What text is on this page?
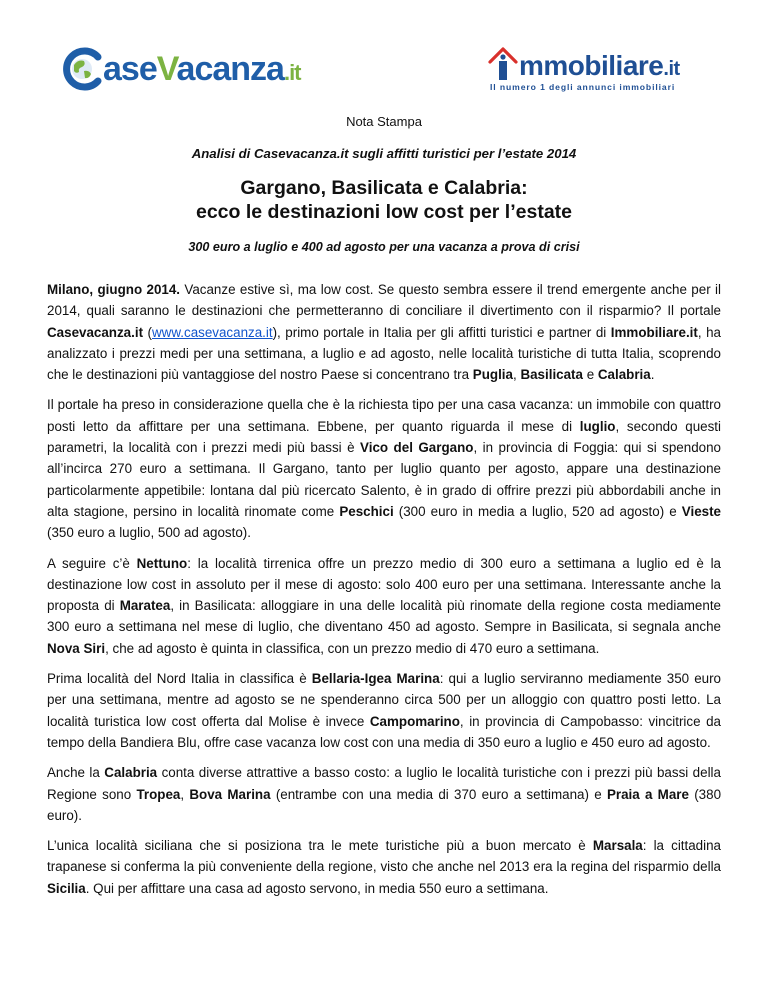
aseVacanza.it	mmobiliare.it
Il numero 1 degli annunci immobiliari
Nota Stampa
Analisi di Casevacanza.it sugli affitti turistici per l’estate 2014
Gargano, Basilicata e Calabria:
ecco le destinazioni low cost per l’estate
300 euro a luglio e 400 ad agosto per una vacanza a prova di crisi

Milano, giugno 2014. Vacanze estive sì, ma low cost. Se questo sembra essere il trend emergente anche per il 2014, quali saranno le destinazioni che permetteranno di conciliare il divertimento con il risparmio? Il portale Casevacanza.it (www.casevacanza.it), primo portale in Italia per gli affitti turistici e partner di Immobiliare.it, ha analizzato i prezzi medi per una settimana, a luglio e ad agosto, nelle località turistiche di tutta Italia, scoprendo che le destinazioni più vantaggiose del nostro Paese si concentrano tra Puglia, Basilicata e Calabria.

Il portale ha preso in considerazione quella che è la richiesta tipo per una casa vacanza: un immobile con quattro posti letto da affittare per una settimana. Ebbene, per quanto riguarda il mese di luglio, secondo questi parametri, la località con i prezzi medi più bassi è Vico del Gargano, in provincia di Foggia: qui si spendono all’incirca 270 euro a settimana. Il Gargano, tanto per luglio quanto per agosto, appare una destinazione particolarmente appetibile: lontana dal più ricercato Salento, è in grado di offrire prezzi più abbordabili anche in alta stagione, persino in località rinomate come Peschici (300 euro in media a luglio, 520 ad agosto) e Vieste (350 euro a luglio, 500 ad agosto).

A seguire c’è Nettuno: la località tirrenica offre un prezzo medio di 300 euro a settimana a luglio ed è la destinazione low cost in assoluto per il mese di agosto: solo 400 euro per una settimana. Interessante anche la proposta di Maratea, in Basilicata: alloggiare in una delle località più rinomate della regione costa mediamente 300 euro a settimana nel mese di luglio, che diventano 450 ad agosto. Sempre in Basilicata, si segnala anche Nova Siri, che ad agosto è quinta in classifica, con un prezzo medio di 470 euro a settimana.

Prima località del Nord Italia in classifica è Bellaria-Igea Marina: qui a luglio serviranno mediamente 350 euro per una settimana, mentre ad agosto se ne spenderanno circa 500 per un alloggio con quattro posti letto. La località turistica low cost offerta dal Molise è invece Campomarino, in provincia di Campobasso: vincitrice da tempo della Bandiera Blu, offre case vacanza low cost con una media di 350 euro a luglio e 450 euro ad agosto.

Anche la Calabria conta diverse attrattive a basso costo: a luglio le località turistiche con i prezzi più bassi della Regione sono Tropea, Bova Marina (entrambe con una media di 370 euro a settimana) e Praia a Mare (380 euro).

L’unica località siciliana che si posiziona tra le mete turistiche più a buon mercato è Marsala: la cittadina trapanese si conferma la più conveniente della regione, visto che anche nel 2013 era la regina del risparmio della Sicilia. Qui per affittare una casa ad agosto servono, in media 550 euro a settimana.
